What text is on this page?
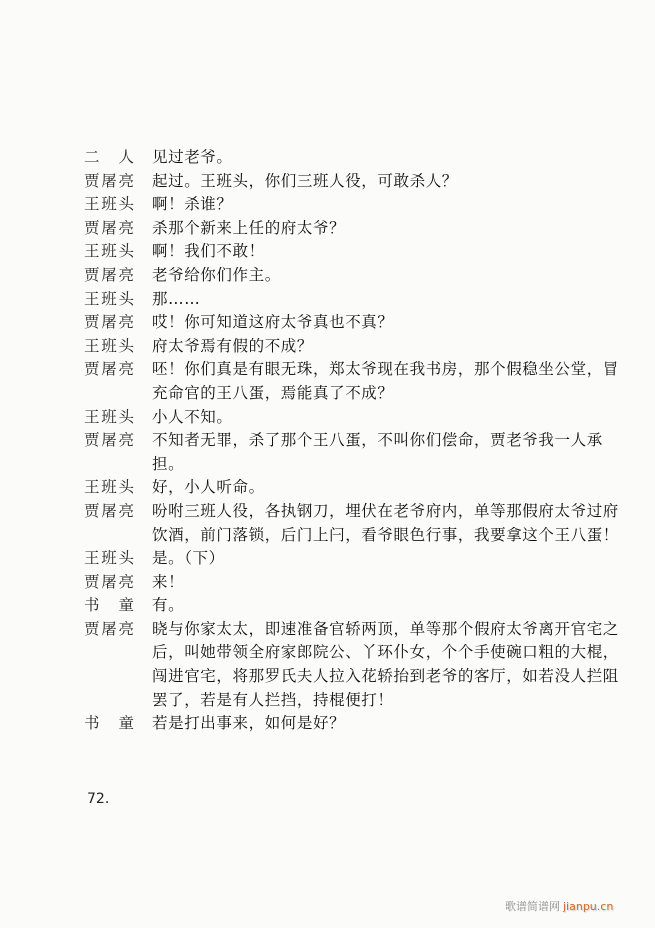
二　人 见过老爷。
贾屠亮 起过。王班头，你们三班人役，可敢杀人？
王班头 啊！杀谁？
贾屠亮 杀那个新来上任的府太爷？
王班头 啊！我们不敢！
贾屠亮 老爷给你们作主。
王班头 那……
贾屠亮 哎！你可知道这府太爷真也不真？
王班头 府太爷焉有假的不成？
贾屠亮 呸！你们真是有眼无珠，郑太爷现在我书房，那个假稳坐公堂，冒充命官的王八蛋，焉能真了不成？
王班头 小人不知。
贾屠亮 不知者无罪，杀了那个王八蛋，不叫你们偿命，贾老爷我一人承担。
王班头 好，小人听命。
贾屠亮 吩咐三班人役，各执钢刀，埋伏在老爷府内，单等那假府太爷过府饮酒，前门落锁，后门上闩，看爷眼色行事，我要拿这个王八蛋！
王班头 是。（下）
贾屠亮 来！
书　童 有。
贾屠亮 晓与你家太太，即速准备官轿两顶，单等那个假府太爷离开官宅之后，叫她带领全府家郎院公、丫环仆女，个个手使碗口粗的大棍，闯进官宅，将那罗氏夫人拉入花轿抬到老爷的客厅，如若没人拦阻罢了，若是有人拦挡，持棍便打！
书　童 若是打出事来，如何是好？
72.
歌谱简谱网 jianpu.cn
